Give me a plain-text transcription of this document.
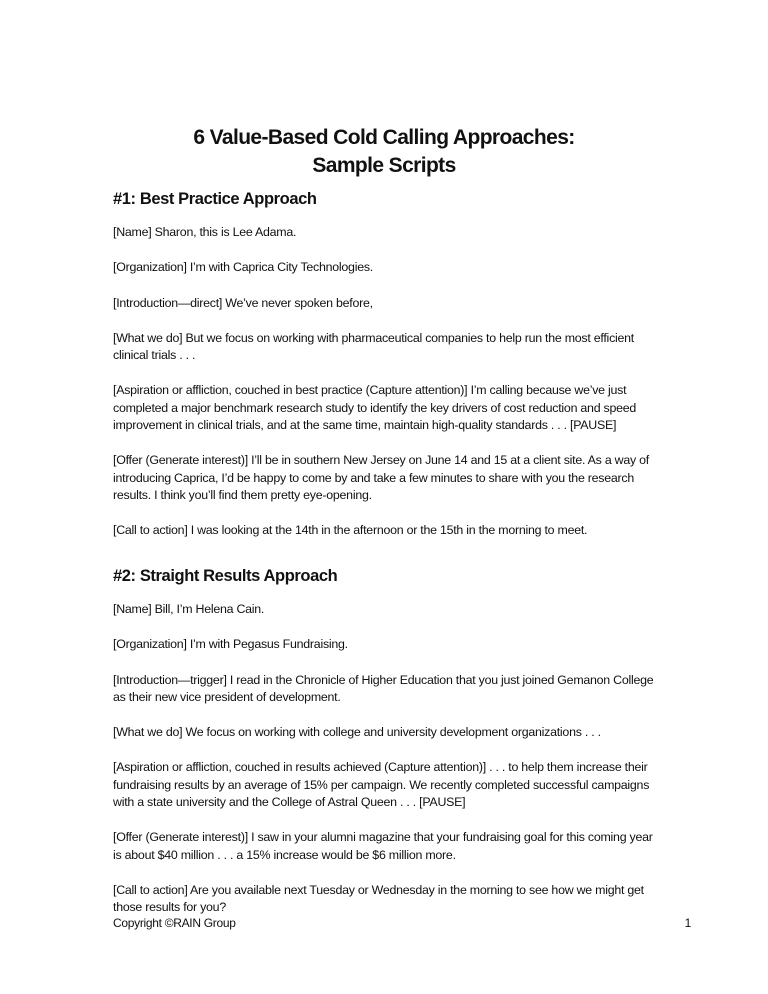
6 Value-Based Cold Calling Approaches:
Sample Scripts
#1: Best Practice Approach
[Name] Sharon, this is Lee Adama.
[Organization] I’m with Caprica City Technologies.
[Introduction—direct] We’ve never spoken before,
[What we do] But we focus on working with pharmaceutical companies to help run the most efficient
clinical trials . . .
[Aspiration or affliction, couched in best practice (Capture attention)] I’m calling because we’ve just
completed a major benchmark research study to identify the key drivers of cost reduction and speed
improvement in clinical trials, and at the same time, maintain high-quality standards . . . [PAUSE]
[Offer (Generate interest)] I’ll be in southern New Jersey on June 14 and 15 at a client site. As a way of
introducing Caprica, I’d be happy to come by and take a few minutes to share with you the research
results. I think you’ll find them pretty eye-opening.
[Call to action] I was looking at the 14th in the afternoon or the 15th in the morning to meet.
#2: Straight Results Approach
[Name] Bill, I’m Helena Cain.
[Organization] I’m with Pegasus Fundraising.
[Introduction—trigger] I read in the Chronicle of Higher Education that you just joined Gemanon College
as their new vice president of development.
[What we do] We focus on working with college and university development organizations . . .
[Aspiration or affliction, couched in results achieved (Capture attention)] . . . to help them increase their
fundraising results by an average of 15% per campaign. We recently completed successful campaigns
with a state university and the College of Astral Queen . . . [PAUSE]
[Offer (Generate interest)] I saw in your alumni magazine that your fundraising goal for this coming year
is about $40 million . . . a 15% increase would be $6 million more.
[Call to action] Are you available next Tuesday or Wednesday in the morning to see how we might get
those results for you?
Copyright ©RAIN Group	1
